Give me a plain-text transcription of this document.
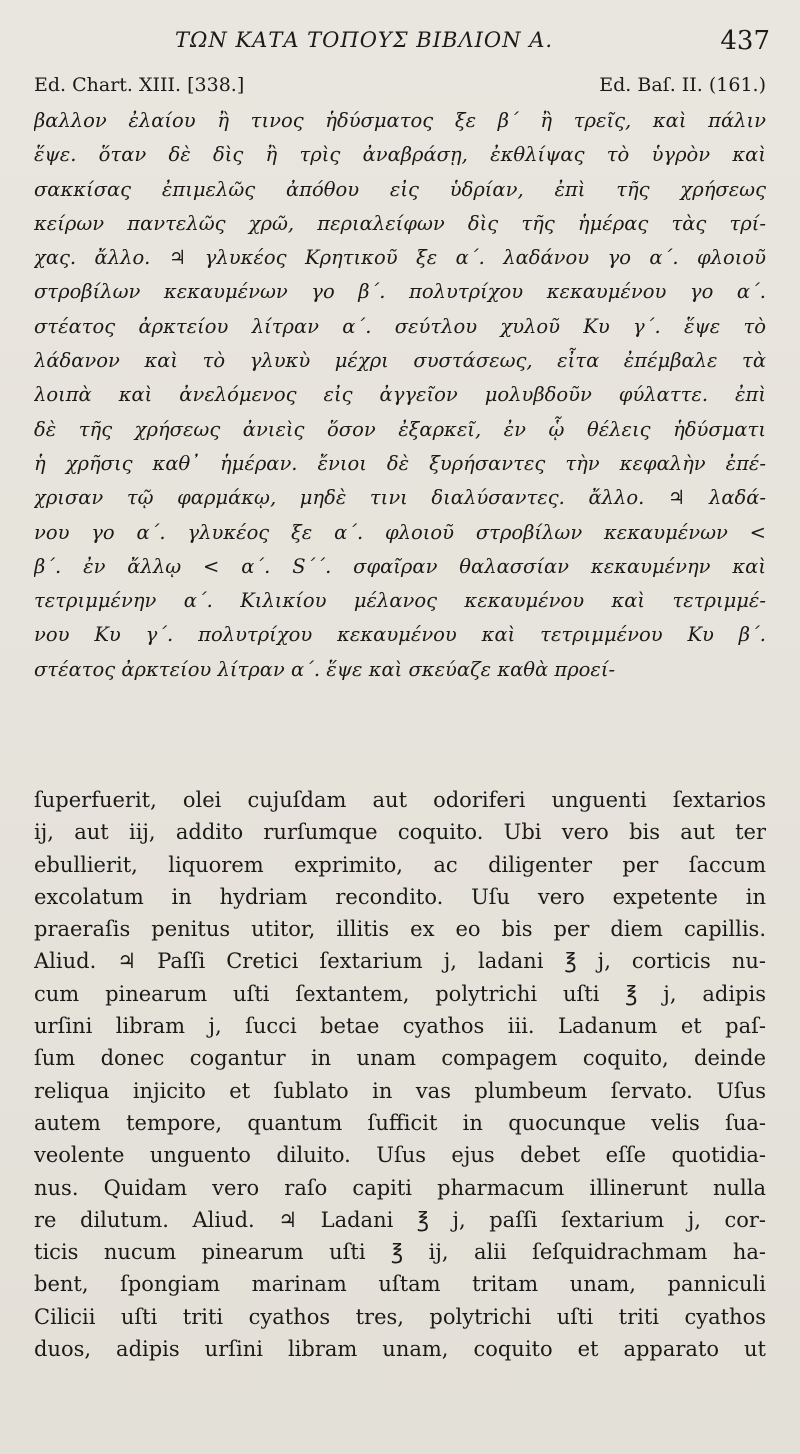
ΤΩΝ ΚΑΤΑ ΤΟΠΟΥΣ ΒΙΒΛΙΟΝ Α.	437
Ed. Chart. XIII. [338.]	Ed. Baſ. II. (161.)
βαλλον ἐλαίου ἢ τινος ἡδύσματος ξε β΄ ἢ τρεῖς, καὶ πάλιν
ἕψε. ὅταν δὲ δὶς ἢ τρὶς ἀναβράσῃ, ἐκθλίψας τὸ ὑγρὸν καὶ
σακκίσας ἐπιμελῶς ἀπόθου εἰς ὑδρίαν, ἐπὶ τῆς χρήσεως
κείρων παντελῶς χρῶ, περιαλείφων δὶς τῆς ἡμέρας τὰς τρί-
χας. ἄλλο. ♃ γλυκέος Κρητικοῦ ξε α΄. λαδάνου γο α΄. φλοιοῦ
στροβίλων κεκαυμένων γο β΄. πολυτρίχου κεκαυμένου γο α΄.
στέατος ἀρκτείου λίτραν α΄. σεύτλου χυλοῦ Κυ γ΄. ἕψε τὸ
λάδανον καὶ τὸ γλυκὺ μέχρι συστάσεως, εἶτα ἐπέμβαλε τὰ
λοιπὰ καὶ ἀνελόμενος εἰς ἀγγεῖον μολυβδοῦν φύλαττε. ἐπὶ
δὲ τῆς χρήσεως ἀνιεὶς ὅσον ἐξαρκεῖ, ἐν ᾧ θέλεις ἡδύσματι
ἡ χρῆσις καθ᾽ ἡμέραν. ἔνιοι δὲ ξυρήσαντες τὴν κεφαλὴν ἐπέ-
χρισαν τῷ φαρμάκῳ, μηδὲ τινι διαλύσαντες. ἄλλο. ♃ λαδά-
νου γο α΄. γλυκέος ξε α΄. φλοιοῦ στροβίλων κεκαυμένων <
β΄. ἐν ἄλλῳ < α΄. S΄΄. σφαῖραν θαλασσίαν κεκαυμένην καὶ
τετριμμένην α΄. Κιλικίου μέλανος κεκαυμένου καὶ τετριμμέ-
νου Κυ γ΄. πολυτρίχου κεκαυμένου καὶ τετριμμένου Κυ β΄.
στέατος ἀρκτείου λίτραν α΄. ἕψε καὶ σκεύαζε καθὰ προεί-
ſuperfuerit, olei cujuſdam aut odoriferi unguenti ſextarios
ij, aut iij, addito rurſumque coquito. Ubi vero bis aut ter
ebullierit, liquorem exprimito, ac diligenter per ſaccum
excolatum in hydriam recondito. Uſu vero expetente in
praeraſis penitus utitor, illitis ex eo bis per diem capillis.
Aliud. ♃ Paſſi Cretici ſextarium j, ladani ℥ j, corticis nu-
cum pinearum uſti ſextantem, polytrichi uſti ℥ j, adipis
urſini libram j, ſucci betae cyathos iii. Ladanum et paſ-
ſum donec cogantur in unam compagem coquito, deinde
reliqua injicito et ſublato in vas plumbeum ſervato. Uſus
autem tempore, quantum ſufficit in quocunque velis ſua-
veolente unguento diluito. Uſus ejus debet eſſe quotidia-
nus. Quidam vero raſo capiti pharmacum illinerunt nulla
re dilutum. Aliud. ♃ Ladani ℥ j, paſſi ſextarium j, cor-
ticis nucum pinearum uſti ℥ ij, alii ſeſquidrachmam ha-
bent, ſpongiam marinam uſtam tritam unam, panniculi
Cilicii uſti triti cyathos tres, polytrichi uſti triti cyathos
duos, adipis urſini libram unam, coquito et apparato ut
